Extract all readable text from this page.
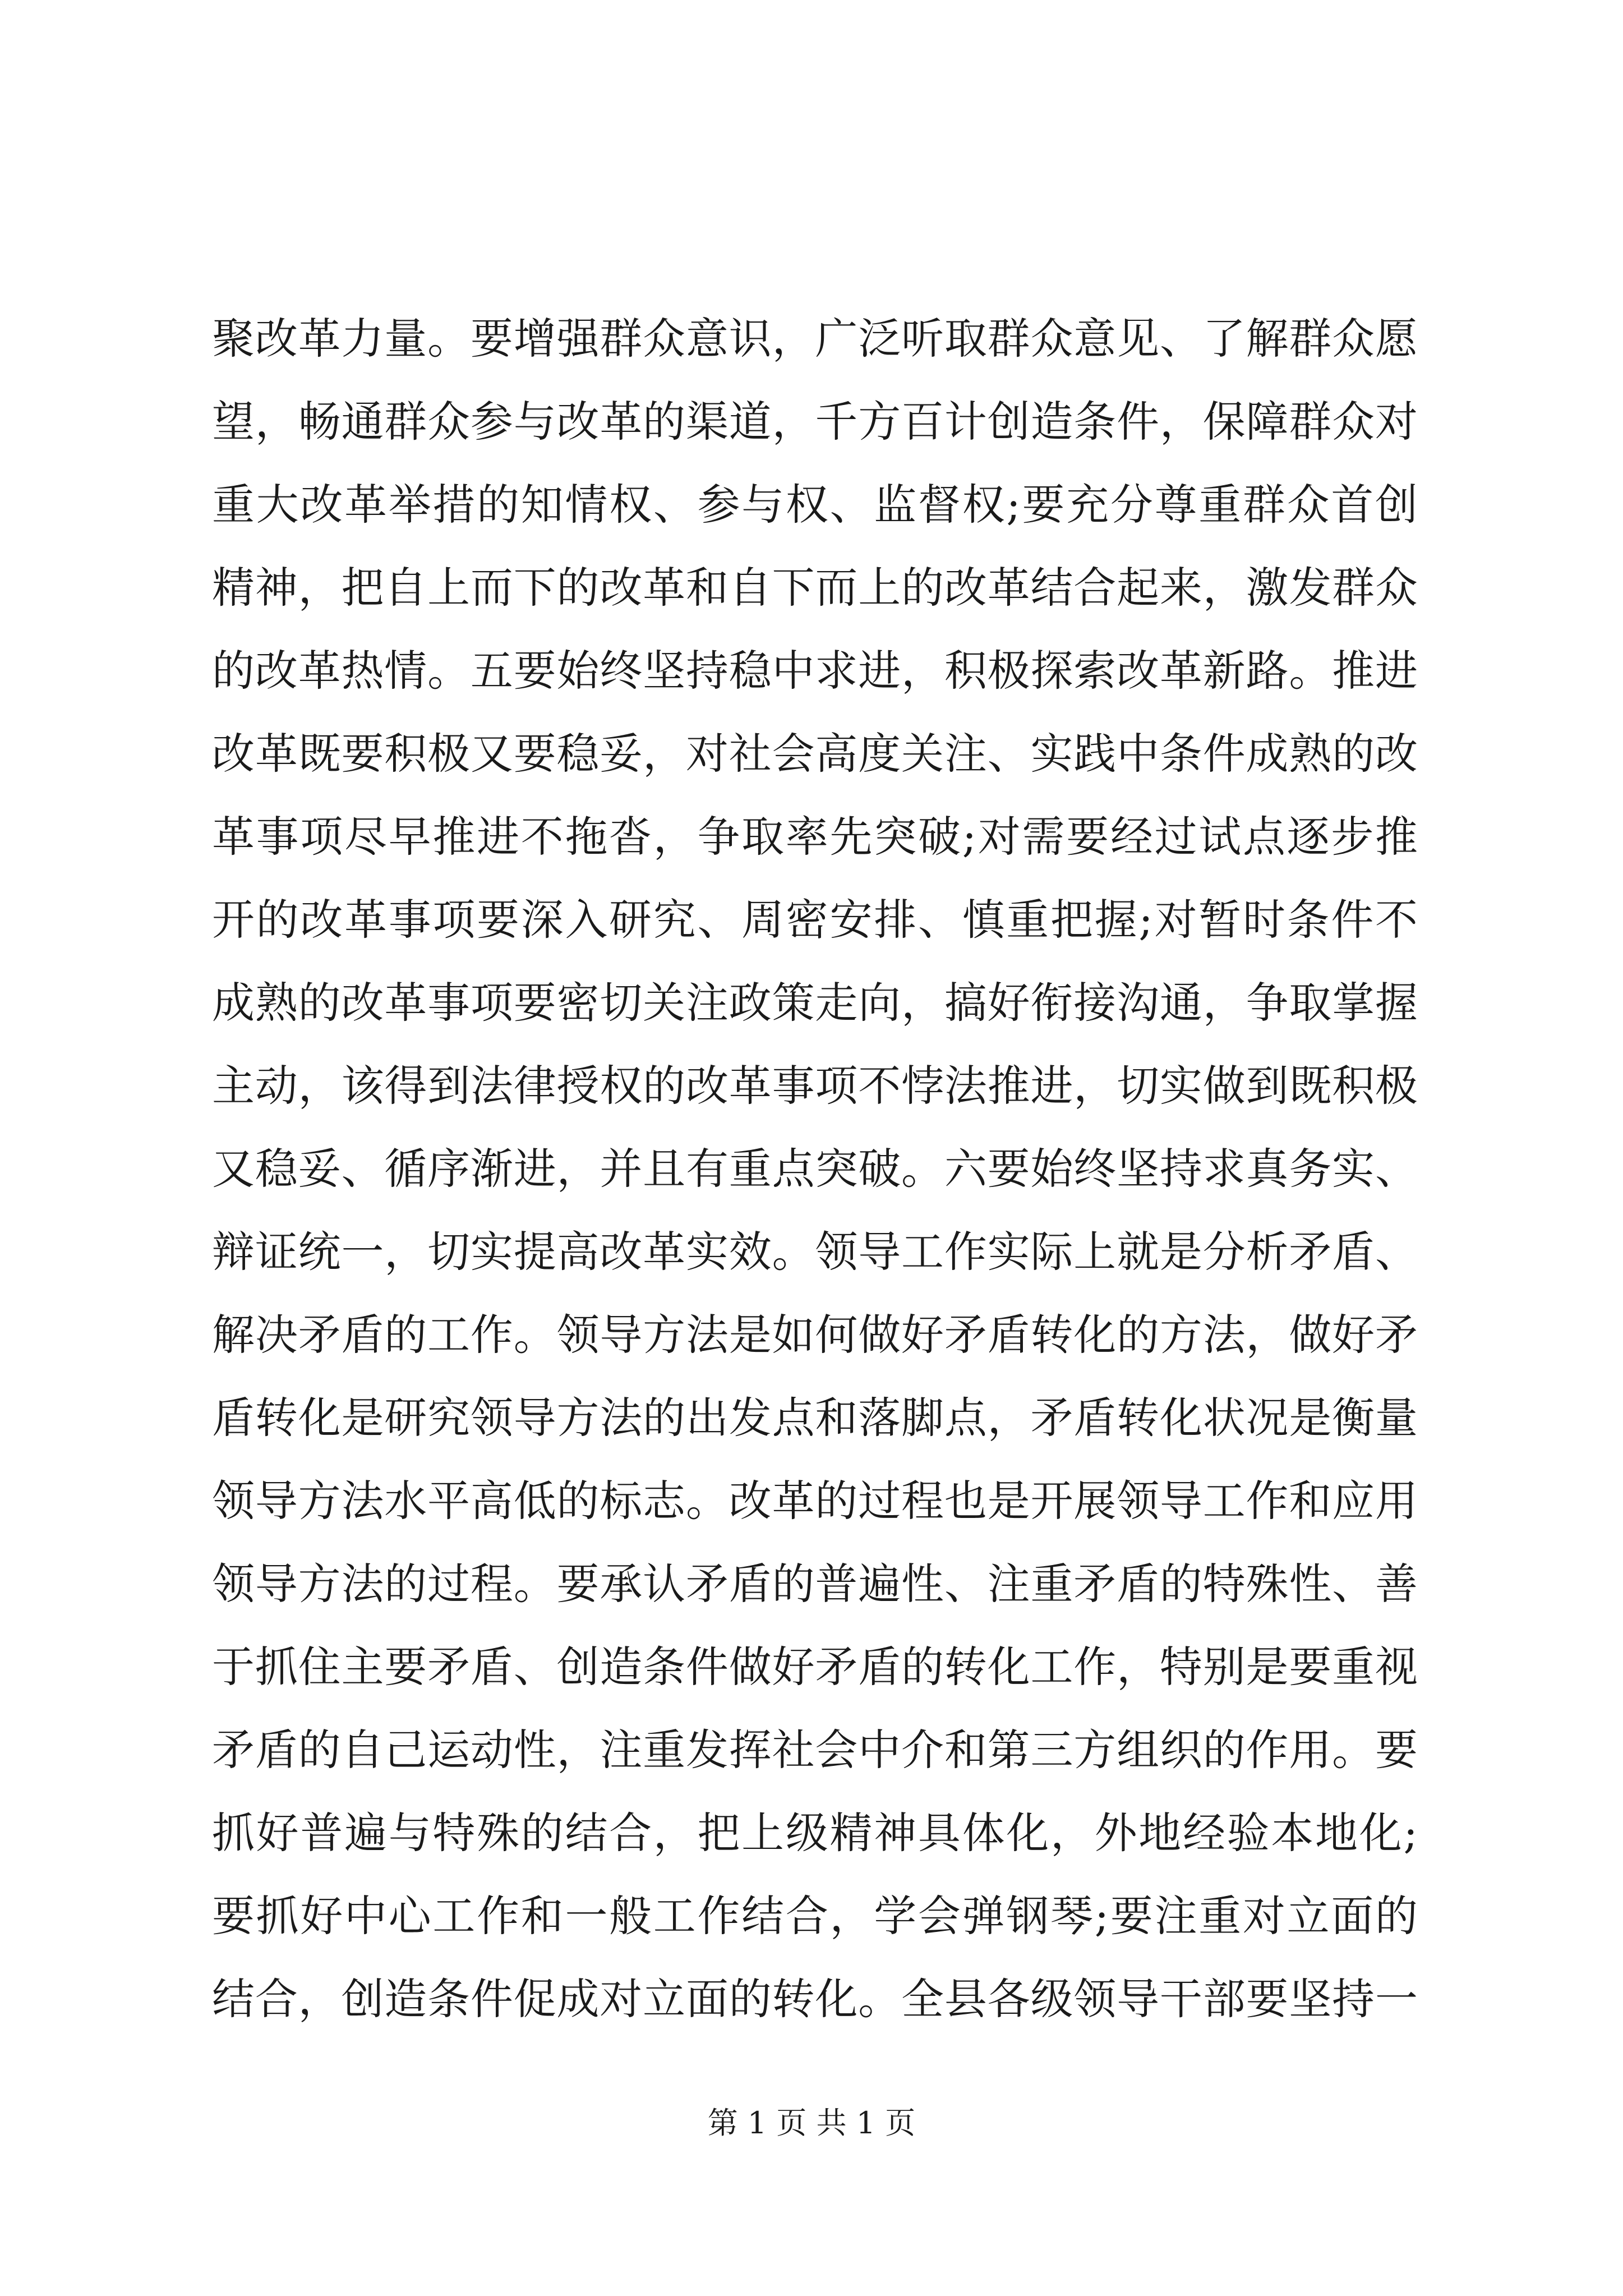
聚改革力量。要增强群众意识，广泛听取群众意见、了解群众愿
望，畅通群众参与改革的渠道，千方百计创造条件，保障群众对
重大改革举措的知情权、参与权、监督权;要充分尊重群众首创
精神，把自上而下的改革和自下而上的改革结合起来，激发群众
的改革热情。五要始终坚持稳中求进，积极探索改革新路。推进
改革既要积极又要稳妥，对社会高度关注、实践中条件成熟的改
革事项尽早推进不拖沓，争取率先突破;对需要经过试点逐步推
开的改革事项要深入研究、周密安排、慎重把握;对暂时条件不
成熟的改革事项要密切关注政策走向，搞好衔接沟通，争取掌握
主动，该得到法律授权的改革事项不悖法推进，切实做到既积极
又稳妥、循序渐进，并且有重点突破。六要始终坚持求真务实、
辩证统一，切实提高改革实效。领导工作实际上就是分析矛盾、
解决矛盾的工作。领导方法是如何做好矛盾转化的方法，做好矛
盾转化是研究领导方法的出发点和落脚点，矛盾转化状况是衡量
领导方法水平高低的标志。改革的过程也是开展领导工作和应用
领导方法的过程。要承认矛盾的普遍性、注重矛盾的特殊性、善
于抓住主要矛盾、创造条件做好矛盾的转化工作，特别是要重视
矛盾的自己运动性，注重发挥社会中介和第三方组织的作用。要
抓好普遍与特殊的结合，把上级精神具体化，外地经验本地化;
要抓好中心工作和一般工作结合，学会弹钢琴;要注重对立面的
结合，创造条件促成对立面的转化。全县各级领导干部要坚持一
第 1 页 共 1 页
